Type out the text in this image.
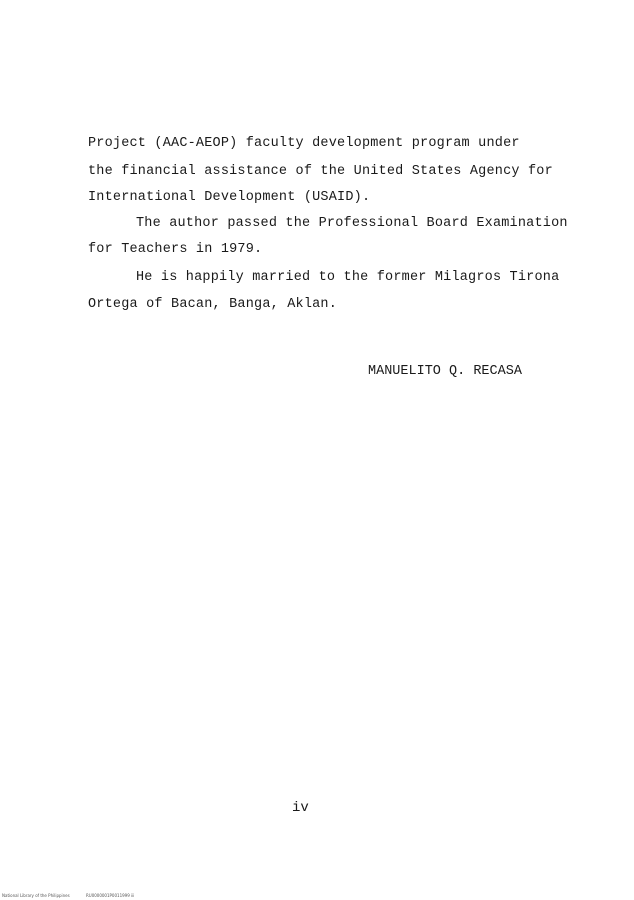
Project (AAC-AEOP) faculty development program under
the financial assistance of the United States Agency for
International Development (USAID).
The author passed the Professional Board Examination
for Teachers in 1979.
He is happily married to the former Milagros Tirona
Ortega of Bacan, Banga, Aklan.
MANUELITO Q. RECASA
iv
National Library of the Philippines	RU0000001P0011999 iii
